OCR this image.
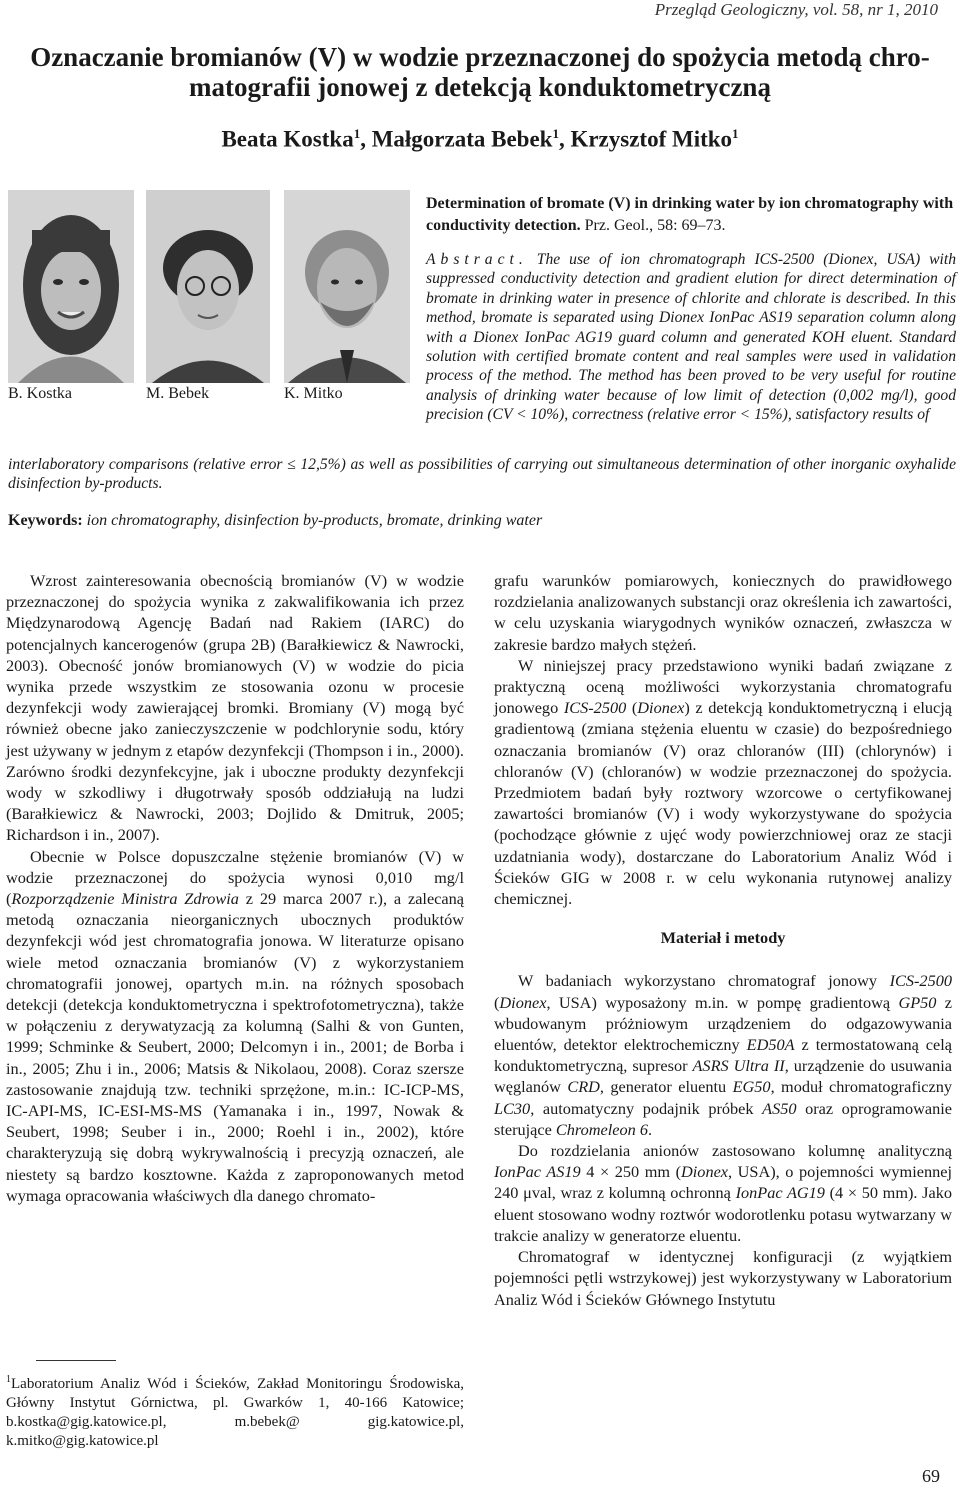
Przegląd Geologiczny, vol. 58, nr 1, 2010
Oznaczanie bromianów (V) w wodzie przeznaczonej do spożycia metodą chro-
matografii jonowej z detekcją konduktometryczną
Beata Kostka$^1$, Małgorzata Bebek$^1$, Krzysztof Mitko$^1$
B. Kostka	M. Bebek	K. Mitko
Determination of bromate (V) in drinking water by ion chromatography with conductivity detection. Prz. Geol., 58: 69–73.
Abstract. The use of ion chromatograph ICS-2500 (Dionex, USA) with suppressed conductivity detection and gradient elution for direct determination of bromate in drinking water in presence of chlorite and chlorate is described. In this method, bromate is separated using Dionex IonPac AS19 separation column along with a Dionex IonPac AG19 guard column and generated KOH eluent. Standard solution with certified bromate content and real samples were used in validation process of the method. The method has been proved to be very useful for routine analysis of drinking water because of low limit of detection (0,002 mg/l), good precision (CV < 10%), correctness (relative error < 15%), satisfactory results of
interlaboratory comparisons (relative error ≤ 12,5%) as well as possibilities of carrying out simultaneous determination of other inorganic oxyhalide disinfection by-products.
Keywords: ion chromatography, disinfection by-products, bromate, drinking water

Wzrost zainteresowania obecnością bromianów (V) w wodzie przeznaczonej do spożycia wynika z zakwalifikowania ich przez Międzynarodową Agencję Badań nad Rakiem (IARC) do potencjalnych kancerogenów (grupa 2B) (Barałkiewicz & Nawrocki, 2003). Obecność jonów bromianowych (V) w wodzie do picia wynika przede wszystkim ze stosowania ozonu w procesie dezynfekcji wody zawierającej bromki. Bromiany (V) mogą być również obecne jako zanieczyszczenie w podchlorynie sodu, który jest używany w jednym z etapów dezynfekcji (Thompson i in., 2000). Zarówno środki dezynfekcyjne, jak i uboczne produkty dezynfekcji wody w szkodliwy i długotrwały sposób oddziałują na ludzi (Barałkiewicz & Nawrocki, 2003; Dojlido & Dmitruk, 2005; Richardson i in., 2007).

Obecnie w Polsce dopuszczalne stężenie bromianów (V) w wodzie przeznaczonej do spożycia wynosi 0,010 mg/l (Rozporządzenie Ministra Zdrowia z 29 marca 2007 r.), a zalecaną metodą oznaczania nieorganicznych ubocznych produktów dezynfekcji wód jest chromatografia jonowa. W literaturze opisano wiele metod oznaczania bromianów (V) z wykorzystaniem chromatografii jonowej, opartych m.in. na różnych sposobach detekcji (detekcja konduktometryczna i spektrofotometryczna), także w połączeniu z derywatyzacją za kolumną (Salhi & von Gunten, 1999; Schminke & Seubert, 2000; Delcomyn i in., 2001; de Borba i in., 2005; Zhu i in., 2006; Matsis & Nikolaou, 2008). Coraz szersze zastosowanie znajdują tzw. techniki sprzężone, m.in.: IC-ICP-MS, IC-API-MS, IC-ESI-MS-MS (Yamanaka i in., 1997, Nowak & Seubert, 1998; Seuber i in., 2000; Roehl i in., 2002), które charakteryzują się dobrą wykrywalnością i precyzją oznaczeń, ale niestety są bardzo kosztowne. Każda z zaproponowanych metod wymaga opracowania właściwych dla danego chromato-

grafu warunków pomiarowych, koniecznych do prawidłowego rozdzielania analizowanych substancji oraz określenia ich zawartości, w celu uzyskania wiarygodnych wyników oznaczeń, zwłaszcza w zakresie bardzo małych stężeń.

W niniejszej pracy przedstawiono wyniki badań związane z praktyczną oceną możliwości wykorzystania chromatografu jonowego ICS-2500 (Dionex) z detekcją konduktometryczną i elucją gradientową (zmiana stężenia eluentu w czasie) do bezpośredniego oznaczania bromianów (V) oraz chloranów (III) (chlorynów) i chloranów (V) (chloranów) w wodzie przeznaczonej do spożycia. Przedmiotem badań były roztwory wzorcowe o certyfikowanej zawartości bromianów (V) i wody wykorzystywane do spożycia (pochodzące głównie z ujęć wody powierzchniowej oraz ze stacji uzdatniania wody), dostarczane do Laboratorium Analiz Wód i Ścieków GIG w 2008 r. w celu wykonania rutynowej analizy chemicznej.

Materiał i metody

W badaniach wykorzystano chromatograf jonowy ICS-2500 (Dionex, USA) wyposażony m.in. w pompę gradientową GP50 z wbudowanym próżniowym urządzeniem do odgazowywania eluentów, detektor elektrochemiczny ED50A z termostatowaną celą konduktometryczną, supresor ASRS Ultra II, urządzenie do usuwania węglanów CRD, generator eluentu EG50, moduł chromatograficzny LC30, automatyczny podajnik próbek AS50 oraz oprogramowanie sterujące Chromeleon 6.

Do rozdzielania anionów zastosowano kolumnę analityczną IonPac AS19 4 × 250 mm (Dionex, USA), o pojemności wymiennej 240 μval, wraz z kolumną ochronną IonPac AG19 (4 × 50 mm). Jako eluent stosowano wodny roztwór wodorotlenku potasu wytwarzany w trakcie analizy w generatorze eluentu.

Chromatograf w identycznej konfiguracji (z wyjątkiem pojemności pętli wstrzykowej) jest wykorzystywany w Laboratorium Analiz Wód i Ścieków Głównego Instytutu

$^1$Laboratorium Analiz Wód i Ścieków, Zakład Monitoringu Środowiska, Główny Instytut Górnictwa, pl. Gwarków 1, 40-166 Katowice; b.kostka@gig.katowice.pl, m.bebek@ gig.katowice.pl, k.mitko@gig.katowice.pl
69
